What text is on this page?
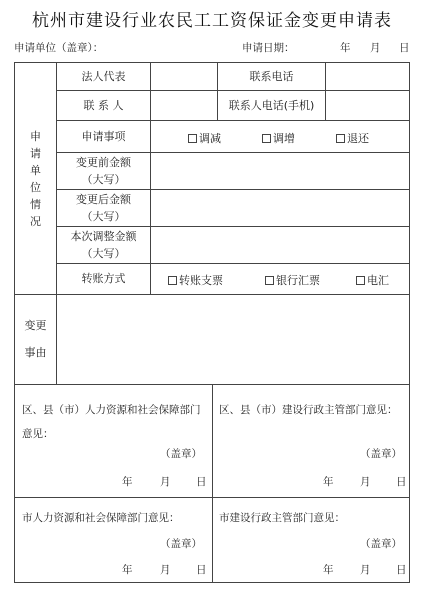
杭州市建设行业农民工工资保证金变更申请表
申请单位（盖章）：	申请日期：	年 月 日
申
请
单
位
情
况
法人代表	联系电话
联 系 人	联系人电话(手机)
申请事项	调减	调增	退还
变更前金额
（大写）
变更后金额
（大写）
本次调整金额
（大写）
转账方式	转账支票	银行汇票	电汇
变 更
事 由
区、县（市）人力资源和社会保障部门意见：
（盖章）
年	月 日
区、县（市）建设行政主管部门意见：
（盖章）
年	月 日
市人力资源和社会保障部门意见：
（盖章）
年	月 日
市建设行政主管部门意见：
（盖章）
年	月 日
